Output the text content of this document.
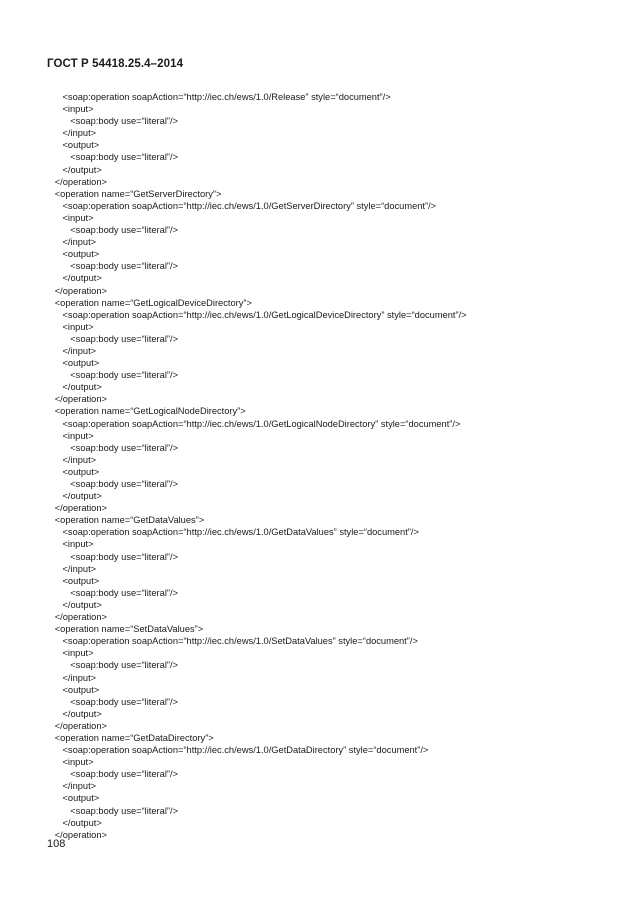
ГОСТ Р 54418.25.4–2014
<soap:operation soapAction=“http://iec.ch/ews/1.0/Release” style=“document”/>
<input>
<soap:body use=“literal”/>
</input>
<output>
<soap:body use=“literal”/>
</output>
</operation>
<operation name=“GetServerDirectory”>
<soap:operation soapAction=“http://iec.ch/ews/1.0/GetServerDirectory” style=“document”/>
<input>
<soap:body use=“literal”/>
</input>
<output>
<soap:body use=“literal”/>
</output>
</operation>
<operation name=“GetLogicalDeviceDirectory”>
<soap:operation soapAction=“http://iec.ch/ews/1.0/GetLogicalDeviceDirectory” style=“document”/>
<input>
<soap:body use=“literal”/>
</input>
<output>
<soap:body use=“literal”/>
</output>
</operation>
<operation name=“GetLogicalNodeDirectory”>
<soap:operation soapAction=“http://iec.ch/ews/1.0/GetLogicalNodeDirectory” style=“document”/>
<input>
<soap:body use=“literal”/>
</input>
<output>
<soap:body use=“literal”/>
</output>
</operation>
<operation name=“GetDataValues”>
<soap:operation soapAction=“http://iec.ch/ews/1.0/GetDataValues” style=“document”/>
<input>
<soap:body use=“literal”/>
</input>
<output>
<soap:body use=“literal”/>
</output>
</operation>
<operation name=“SetDataValues”>
<soap:operation soapAction=“http://iec.ch/ews/1.0/SetDataValues” style=“document”/>
<input>
<soap:body use=“literal”/>
</input>
<output>
<soap:body use=“literal”/>
</output>
</operation>
<operation name=“GetDataDirectory”>
<soap:operation soapAction=“http://iec.ch/ews/1.0/GetDataDirectory” style=“document”/>
<input>
<soap:body use=“literal”/>
</input>
<output>
<soap:body use=“literal”/>
</output>
</operation>
108
